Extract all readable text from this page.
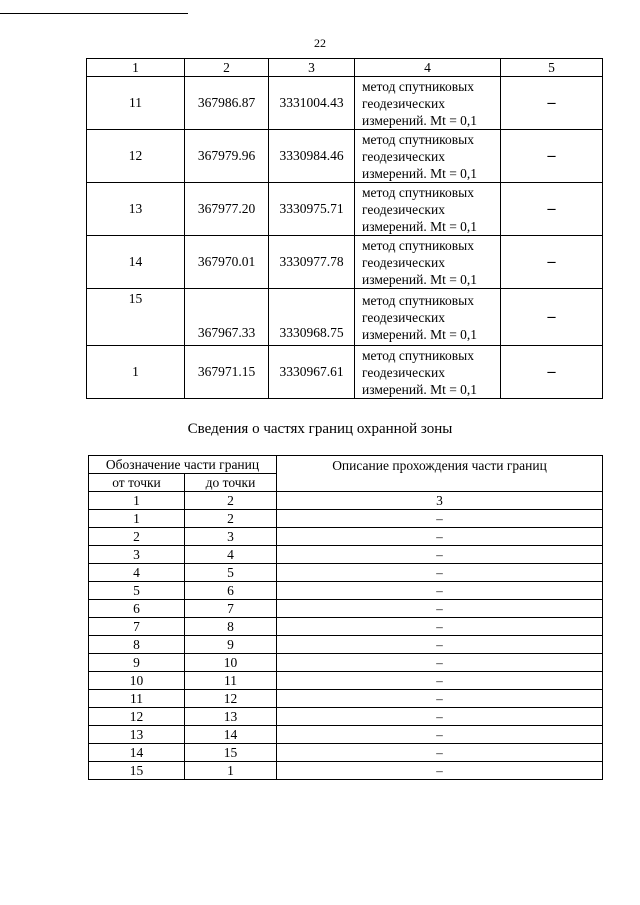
22
1	2	3	4	5
11	367986.87	3331004.43	метод спутниковых
геодезических
измерений. Mt = 0,1	–
12	367979.96	3330984.46	метод спутниковых
геодезических
измерений. Mt = 0,1	–
13	367977.20	3330975.71	метод спутниковых
геодезических
измерений. Mt = 0,1	–
14	367970.01	3330977.78	метод спутниковых
геодезических
измерений. Mt = 0,1	–
15	367967.33	3330968.75	метод спутниковых
геодезических
измерений. Mt = 0,1	–
1	367971.15	3330967.61	метод спутниковых
геодезических
измерений. Mt = 0,1	–
Сведения о частях границ охранной зоны
Обозначение части границ		Описание прохождения части границ
от точки	до точки	
1	2	3
1	2	–
2	3	–
3	4	–
4	5	–
5	6	–
6	7	–
7	8	–
8	9	–
9	10	–
10	11	–
11	12	–
12	13	–
13	14	–
14	15	–
15	1	–
